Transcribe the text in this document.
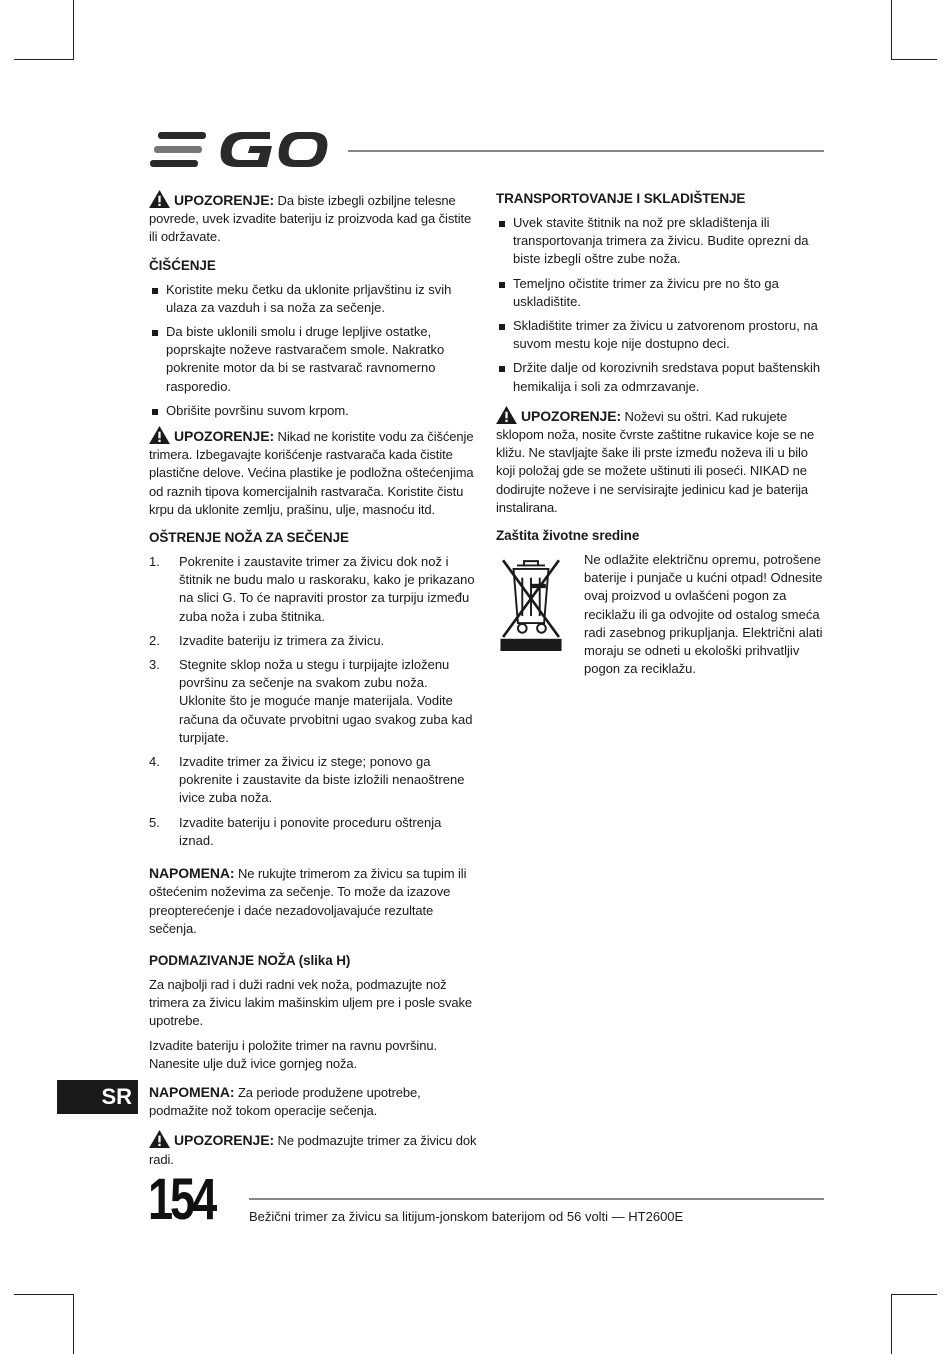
UPOZORENJE: Da biste izbegli ozbiljne telesne povrede, uvek izvadite bateriju iz proizvoda kad ga čistite ili održavate.

ČIŠĆENJE
Koristite meku četku da uklonite prljavštinu iz svih ulaza za vazduh i sa noža za sečenje.
Da biste uklonili smolu i druge lepljive ostatke, poprskajte noževe rastvaračem smole. Nakratko pokrenite motor da bi se rastvarač ravnomerno rasporedio.
Obrišite površinu suvom krpom.

UPOZORENJE: Nikad ne koristite vodu za čišćenje trimera. Izbegavajte korišćenje rastvarača kada čistite plastične delove. Većina plastike je podložna oštećenjima od raznih tipova komercijalnih rastvarača. Koristite čistu krpu da uklonite zemlju, prašinu, ulje, masnoću itd.

OŠTRENJE NOŽA ZA SEČENJE
1. Pokrenite i zaustavite trimer za živicu dok nož i štitnik ne budu malo u raskoraku, kako je prikazano na slici G. To će napraviti prostor za turpiju između zuba noža i zuba štitnika.
2. Izvadite bateriju iz trimera za živicu.
3. Stegnite sklop noža u stegu i turpijajte izloženu površinu za sečenje na svakom zubu noža. Uklonite što je moguće manje materijala. Vodite računa da očuvate prvobitni ugao svakog zuba kad turpijate.
4. Izvadite trimer za živicu iz stege; ponovo ga pokrenite i zaustavite da biste izložili nenaoštrene ivice zuba noža.
5. Izvadite bateriju i ponovite proceduru oštrenja iznad.

NAPOMENA: Ne rukujte trimerom za živicu sa tupim ili oštećenim noževima za sečenje. To može da izazove preopterećenje i daće nezadovoljavajuće rezultate sečenja.

PODMAZIVANJE NOŽA (slika H)

Za najbolji rad i duži radni vek noža, podmazujte nož trimera za živicu lakim mašinskim uljem pre i posle svake upotrebe.

Izvadite bateriju i položite trimer na ravnu površinu. Nanesite ulje duž ivice gornjeg noža.

NAPOMENA: Za periode produžene upotrebe, podmažite nož tokom operacije sečenja.

UPOZORENJE: Ne podmazujte trimer za živicu dok radi.

TRANSPORTOVANJE I SKLADIŠTENJE
Uvek stavite štitnik na nož pre skladištenja ili transportovanja trimera za živicu. Budite oprezni da biste izbegli oštre zube noža.
Temeljno očistite trimer za živicu pre no što ga uskladištite.
Skladištite trimer za živicu u zatvorenom prostoru, na suvom mestu koje nije dostupno deci.
Držite dalje od korozivnih sredstava poput baštenskih hemikalija i soli za odmrzavanje.

UPOZORENJE: Noževi su oštri. Kad rukujete sklopom noža, nosite čvrste zaštitne rukavice koje se ne kližu. Ne stavljajte šake ili prste između noževa ili u bilo koji položaj gde se možete uštinuti ili poseći. NIKAD ne dodirujte noževe i ne servisirajte jedinicu kad je baterija instalirana.

Zaštita životne sredine
Ne odlažite električnu opremu, potrošene baterije i punjače u kućni otpad! Odnesite ovaj proizvod u ovlašćeni pogon za reciklažu ili ga odvojite od ostalog smeća radi zasebnog prikupljanja. Električni alati moraju se odneti u ekološki prihvatljiv pogon za reciklažu.
SR
154	Bežični trimer za živicu sa litijum-jonskom baterijom od 56 volti — HT2600E
